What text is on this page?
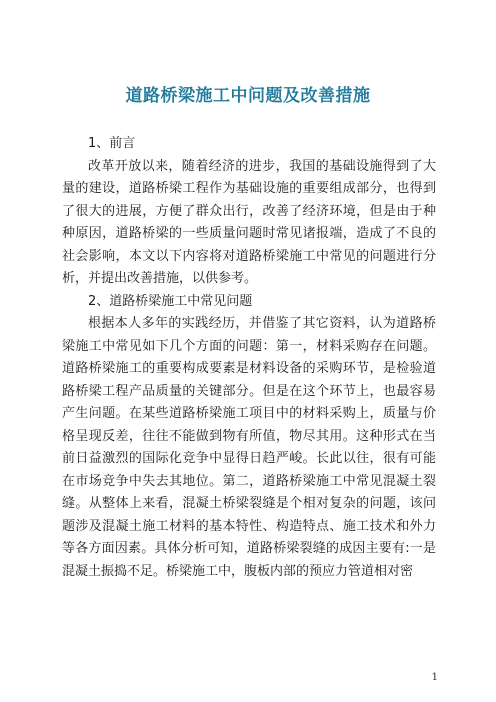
道路桥梁施工中问题及改善措施

1、前言

改革开放以来，随着经济的进步，我国的基础设施得到了大量的建设，道路桥梁工程作为基础设施的重要组成部分，也得到了很大的进展，方便了群众出行，改善了经济环境，但是由于种种原因，道路桥梁的一些质量问题时常见诸报端，造成了不良的社会影响，本文以下内容将对道路桥梁施工中常见的问题进行分析，并提出改善措施，以供参考。

2、道路桥梁施工中常见问题

根据本人多年的实践经历，并借鉴了其它资料，认为道路桥梁施工中常见如下几个方面的问题：第一，材料采购存在问题。道路桥梁施工的重要构成要素是材料设备的采购环节，是检验道路桥梁工程产品质量的关键部分。但是在这个环节上，也最容易产生问题。在某些道路桥梁施工项目中的材料采购上，质量与价格呈现反差，往往不能做到物有所值，物尽其用。这种形式在当前日益激烈的国际化竞争中显得日趋严峻。长此以往，很有可能在市场竞争中失去其地位。第二，道路桥梁施工中常见混凝土裂缝。从整体上来看，混凝土桥梁裂缝是个相对复杂的问题，该问题涉及混凝土施工材料的基本特性、构造特点、施工技术和外力等各方面因素。具体分析可知，道路桥梁裂缝的成因主要有:一是混凝土振捣不足。桥梁施工中，腹板内部的预应力管道相对密

1
